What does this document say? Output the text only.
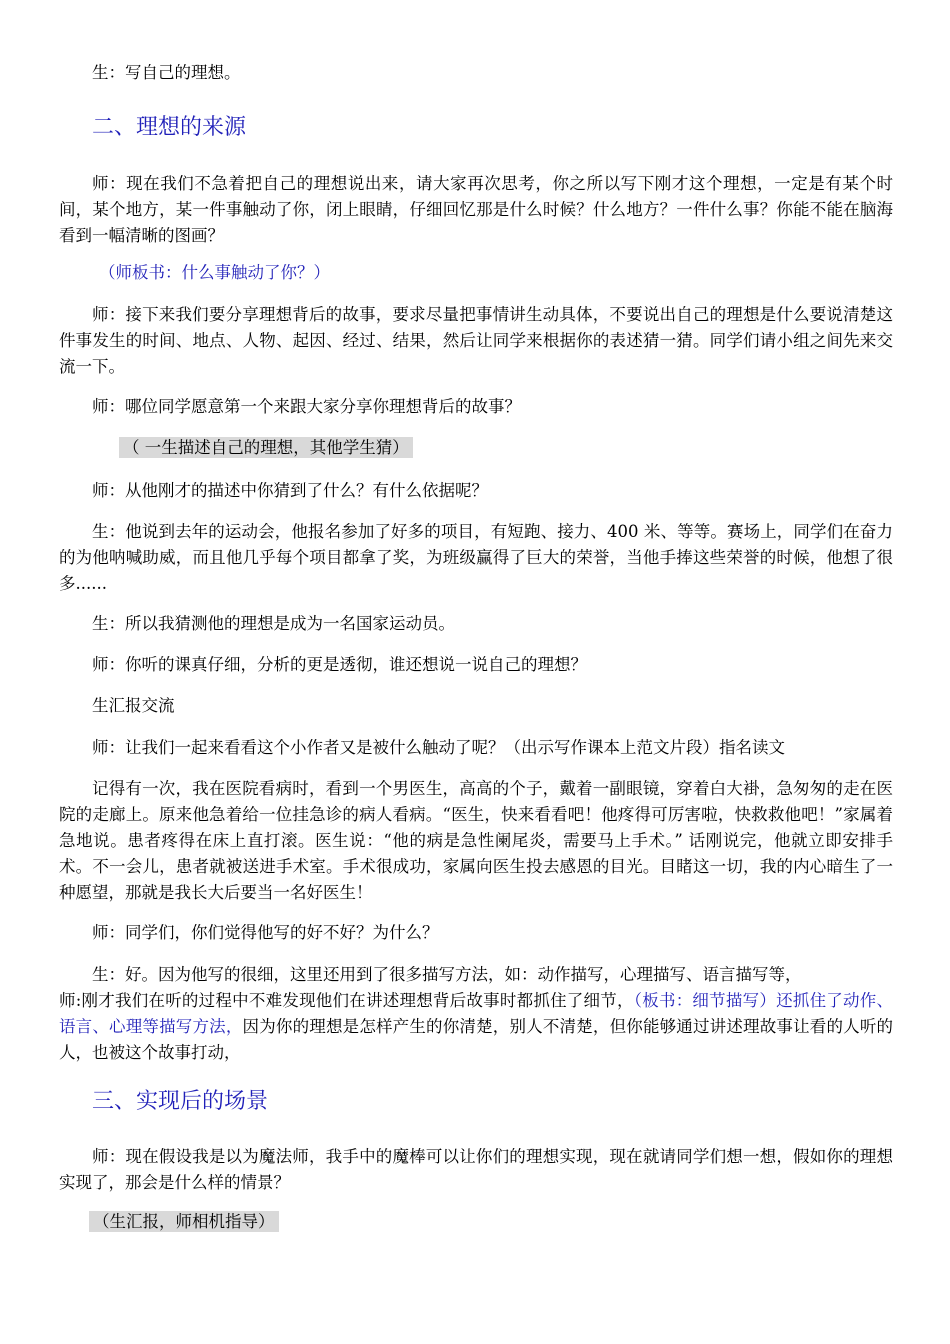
生：写自己的理想。

二、理想的来源

师：现在我们不急着把自己的理想说出来，请大家再次思考，你之所以写下刚才这个理想，一定是有某个时间，某个地方，某一件事触动了你，闭上眼睛，仔细回忆那是什么时候？什么地方？一件什么事？你能不能在脑海看到一幅清晰的图画？

（师板书：什么事触动了你？）

师：接下来我们要分享理想背后的故事，要求尽量把事情讲生动具体，不要说出自己的理想是什么要说清楚这件事发生的时间、地点、人物、起因、经过、结果，然后让同学来根据你的表述猜一猜。同学们请小组之间先来交流一下。

师：哪位同学愿意第一个来跟大家分享你理想背后的故事？

（ 一生描述自己的理想，其他学生猜）

师：从他刚才的描述中你猜到了什么？有什么依据呢？

生：他说到去年的运动会，他报名参加了好多的项目，有短跑、接力、400 米、等等。赛场上，同学们在奋力的为他呐喊助威，而且他几乎每个项目都拿了奖，为班级赢得了巨大的荣誉，当他手捧这些荣誉的时候，他想了很多......

生：所以我猜测他的理想是成为一名国家运动员。

师：你听的课真仔细，分析的更是透彻，谁还想说一说自己的理想？

生汇报交流

师：让我们一起来看看这个小作者又是被什么触动了呢？（出示写作课本上范文片段）指名读文

记得有一次，我在医院看病时，看到一个男医生，高高的个子，戴着一副眼镜，穿着白大褂，急匆匆的走在医院的走廊上。原来他急着给一位挂急诊的病人看病。“医生，快来看看吧！他疼得可厉害啦，快救救他吧！”家属着急地说。患者疼得在床上直打滚。医生说：“他的病是急性阑尾炎，需要马上手术。” 话刚说完，他就立即安排手术。不一会儿，患者就被送进手术室。手术很成功，家属向医生投去感恩的目光。目睹这一切，我的内心暗生了一种愿望，那就是我长大后要当一名好医生！

师：同学们，你们觉得他写的好不好？为什么？

生：好。因为他写的很细，这里还用到了很多描写方法，如：动作描写，心理描写、语言描写等，

师:刚才我们在听的过程中不难发现他们在讲述理想背后故事时都抓住了细节，（板书：细节描写）还抓住了动作、语言、心理等描写方法，因为你的理想是怎样产生的你清楚，别人不清楚，但你能够通过讲述理故事让看的人听的人，也被这个故事打动，

三、实现后的场景

师：现在假设我是以为魔法师，我手中的魔棒可以让你们的理想实现，现在就请同学们想一想，假如你的理想实现了，那会是什么样的情景？

（生汇报，师相机指导）
